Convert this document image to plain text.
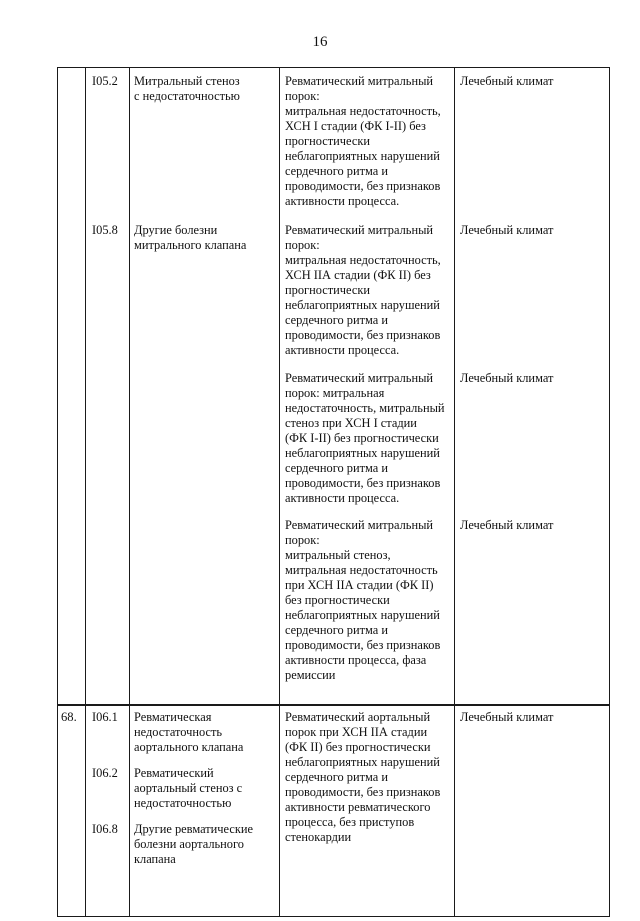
16
I05.2 Митральный стеноз
с недостаточностью
I05.8 Другие болезни
митрального клапана
Ревматический митральный
порок:
митральная недостаточность,
ХСН I стадии (ФК I-II) без
прогностически
неблагоприятных нарушений
сердечного ритма и
проводимости, без признаков
активности процесса.
Лечебный климат
Ревматический митральный
порок:
митральная недостаточность,
ХСН IIА стадии (ФК II) без
прогностически
неблагоприятных нарушений
сердечного ритма и
проводимости, без признаков
активности процесса.
Лечебный климат
Ревматический митральный
порок: митральная
недостаточность, митральный
стеноз при ХСН I стадии
(ФК I-II) без прогностически
неблагоприятных нарушений
сердечного ритма и
проводимости, без признаков
активности процесса.
Лечебный климат
Ревматический митральный
порок:
митральный стеноз,
митральная недостаточность
при ХСН IIА стадии (ФК II)
без прогностически
неблагоприятных нарушений
сердечного ритма и
проводимости, без признаков
активности процесса, фаза
ремиссии
Лечебный климат
68. I06.1 Ревматическая
недостаточность
аортального клапана
I06.2 Ревматический
аортальный стеноз с
недостаточностью
I06.8 Другие ревматические
болезни аортального
клапана
Ревматический аортальный
порок при ХСН IIА стадии
(ФК II) без прогностически
неблагоприятных нарушений
сердечного ритма и
проводимости, без признаков
активности ревматического
процесса, без приступов
стенокардии
Лечебный климат
